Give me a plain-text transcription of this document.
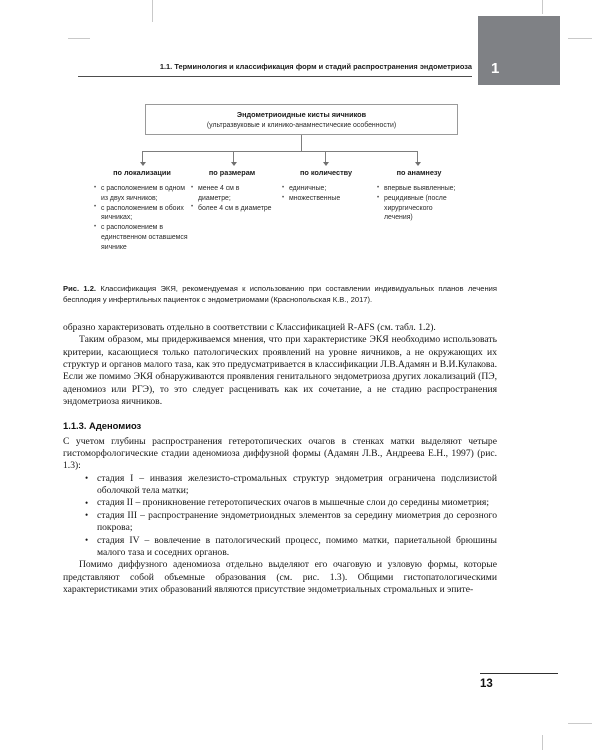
1
1.1. Терминология и классификация форм и стадий распространения эндометриоза
Эндометриоидные кисты яичников
(ультразвуковые и клинико-анамнестические особенности)
по локализации
• с расположением в одном из двух яичников;
• с расположением в обоих яичниках;
• с расположением в единственном оставшемся яичнике
по размерам
• менее 4 см в диаметре;
• более 4 см в диаметре
по количеству
• единичные;
• множественные
по анамнезу
• впервые выявленные;
• рецидивные (после хирургического лечения)
Рис. 1.2. Классификация ЭКЯ, рекомендуемая к использованию при составлении индивидуальных планов лечения бесплодия у инфертильных пациенток с эндометриомами (Краснопольская К.В., 2017).

образно характеризовать отдельно в соответствии с Классификацией R-AFS (см. табл. 1.2).

Таким образом, мы придерживаемся мнения, что при характеристике ЭКЯ необходимо использовать критерии, касающиеся только патологических проявлений на уровне яичников, а не окружающих их структур и органов малого таза, как это предусматривается в классификации Л.В.Адамян и В.И.Кулакова. Если же помимо ЭКЯ обнаруживаются проявления генитального эндометриоза других локализаций (ПЭ, аденомиоз или РГЭ), то это следует расценивать как их сочетание, а не стадию распространения эндометриоза яичников.

1.1.3. Аденомиоз

С учетом глубины распространения гетеротопических очагов в стенках матки выделяют четыре гистоморфологические стадии аденомиоза диффузной формы (Адамян Л.В., Андреева Е.Н., 1997) (рис. 1.3):

• стадия I – инвазия железисто-стромальных структур эндометрия ограничена подслизистой оболочкой тела матки;
• стадия II – проникновение гетеротопических очагов в мышечные слои до середины миометрия;
• стадия III – распространение эндометриоидных элементов за середину миометрия до серозного покрова;
• стадия IV – вовлечение в патологический процесс, помимо матки, париетальной брюшины малого таза и соседних органов.

Помимо диффузного аденомиоза отдельно выделяют его очаговую и узловую формы, которые представляют собой объемные образования (см. рис. 1.3). Общими гистопатологическими характеристиками этих образований являются присутствие эндометриальных стромальных и эпите-

13
